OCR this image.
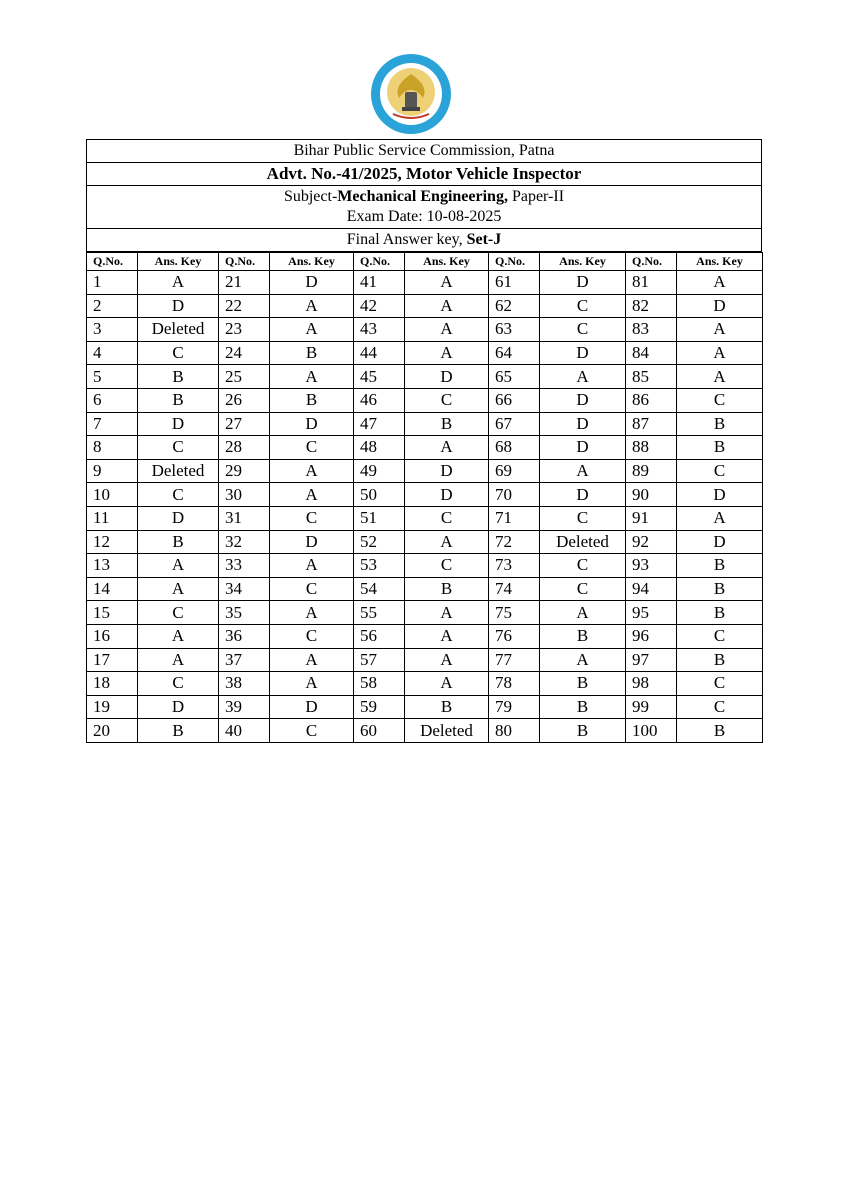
Bihar Public Service Commission, Patna
Advt. No.-41/2025, Motor Vehicle Inspector

Subject-Mechanical Engineering, Paper-II
Exam Date: 10-08-2025

Final Answer key, Set-J
Q.No.	Ans. Key	Q.No.	Ans. Key	Q.No.	Ans. Key	Q.No.	Ans. Key	Q.No.	Ans. Key
1	A	21	D	41	A	61	D	81	A
2	D	22	A	42	A	62	C	82	D
3	Deleted	23	A	43	A	63	C	83	A
4	C	24	B	44	A	64	D	84	A
5	B	25	A	45	D	65	A	85	A
6	B	26	B	46	C	66	D	86	C
7	D	27	D	47	B	67	D	87	B
8	C	28	C	48	A	68	D	88	B
9	Deleted	29	A	49	D	69	A	89	C
10	C	30	A	50	D	70	D	90	D
11	D	31	C	51	C	71	C	91	A
12	B	32	D	52	A	72	Deleted	92	D
13	A	33	A	53	C	73	C	93	B
14	A	34	C	54	B	74	C	94	B
15	C	35	A	55	A	75	A	95	B
16	A	36	C	56	A	76	B	96	C
17	A	37	A	57	A	77	A	97	B
18	C	38	A	58	A	78	B	98	C
19	D	39	D	59	B	79	B	99	C
20	B	40	C	60	Deleted	80	B	100	B
